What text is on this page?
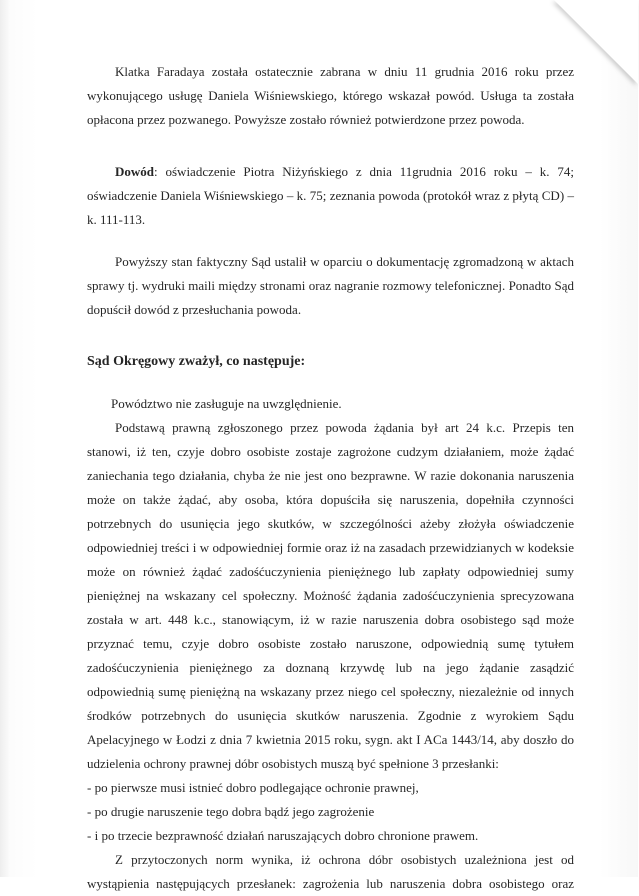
Klatka Faradaya została ostatecznie zabrana w dniu 11 grudnia 2016 roku przez wykonującego usługę Daniela Wiśniewskiego, którego wskazał powód. Usługa ta została opłacona przez pozwanego. Powyższe zostało również potwierdzone przez powoda.

Dowód: oświadczenie Piotra Niżyńskiego z dnia 11grudnia 2016 roku – k. 74; oświadczenie Daniela Wiśniewskiego – k. 75; zeznania powoda (protokół wraz z płytą CD) – k. 111-113.

Powyższy stan faktyczny Sąd ustalił w oparciu o dokumentację zgromadzoną w aktach sprawy tj. wydruki maili między stronami oraz nagranie rozmowy telefonicznej. Ponadto Sąd dopuścił dowód z przesłuchania powoda.

Sąd Okręgowy zważył, co następuje:

Powództwo nie zasługuje na uwzględnienie.

Podstawą prawną zgłoszonego przez powoda żądania był art 24 k.c. Przepis ten stanowi, iż ten, czyje dobro osobiste zostaje zagrożone cudzym działaniem, może żądać zaniechania tego działania, chyba że nie jest ono bezprawne. W razie dokonania naruszenia może on także żądać, aby osoba, która dopuściła się naruszenia, dopełniła czynności potrzebnych do usunięcia jego skutków, w szczególności ażeby złożyła oświadczenie odpowiedniej treści i w odpowiedniej formie oraz iż na zasadach przewidzianych w kodeksie może on również żądać zadośćuczynienia pieniężnego lub zapłaty odpowiedniej sumy pieniężnej na wskazany cel społeczny. Możność żądania zadośćuczynienia sprecyzowana została w art. 448 k.c., stanowiącym, iż w razie naruszenia dobra osobistego sąd może przyznać temu, czyje dobro osobiste zostało naruszone, odpowiednią sumę tytułem zadośćuczynienia pieniężnego za doznaną krzywdę lub na jego żądanie zasądzić odpowiednią sumę pieniężną na wskazany przez niego cel społeczny, niezależnie od innych środków potrzebnych do usunięcia skutków naruszenia. Zgodnie z wyrokiem Sądu Apelacyjnego w Łodzi z dnia 7 kwietnia 2015 roku, sygn. akt I ACa 1443/14, aby doszło do udzielenia ochrony prawnej dóbr osobistych muszą być spełnione 3 przesłanki:

- po pierwsze musi istnieć dobro podlegające ochronie prawnej,

- po drugie naruszenie tego dobra bądź jego zagrożenie

- i po trzecie bezprawność działań naruszających dobro chronione prawem.

Z przytoczonych norm wynika, iż ochrona dóbr osobistych uzależniona jest od wystąpienia następujących przesłanek: zagrożenia lub naruszenia dobra osobistego oraz
